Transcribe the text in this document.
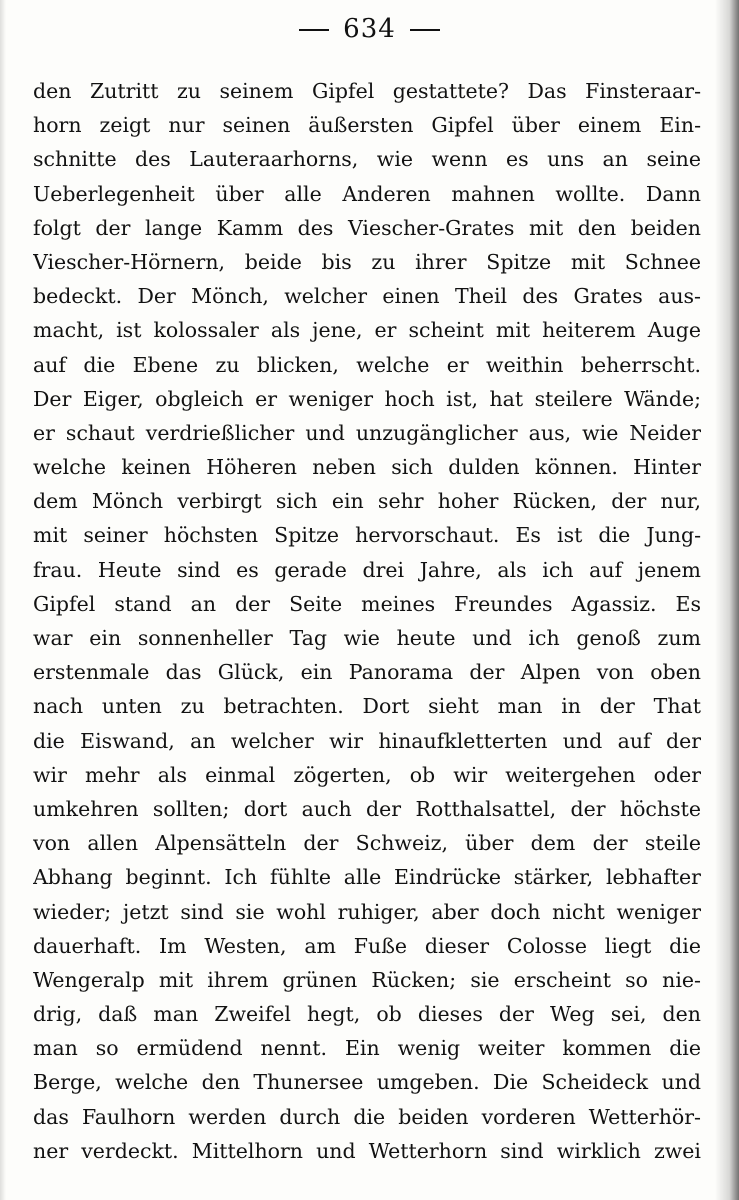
634
den Zutritt zu seinem Gipfel gestattete? Das Finsteraar-
horn zeigt nur seinen äußersten Gipfel über einem Ein-
schnitte des Lauteraarhorns, wie wenn es uns an seine
Ueberlegenheit über alle Anderen mahnen wollte. Dann
folgt der lange Kamm des Viescher-Grates mit den beiden
Viescher-Hörnern, beide bis zu ihrer Spitze mit Schnee
bedeckt. Der Mönch, welcher einen Theil des Grates aus-
macht, ist kolossaler als jene, er scheint mit heiterem Auge
auf die Ebene zu blicken, welche er weithin beherrscht.
Der Eiger, obgleich er weniger hoch ist, hat steilere Wände;
er schaut verdrießlicher und unzugänglicher aus, wie Neider
welche keinen Höheren neben sich dulden können. Hinter
dem Mönch verbirgt sich ein sehr hoher Rücken, der nur,
mit seiner höchsten Spitze hervorschaut. Es ist die Jung-
frau. Heute sind es gerade drei Jahre, als ich auf jenem
Gipfel stand an der Seite meines Freundes Agassiz. Es
war ein sonnenheller Tag wie heute und ich genoß zum
erstenmale das Glück, ein Panorama der Alpen von oben
nach unten zu betrachten. Dort sieht man in der That
die Eiswand, an welcher wir hinaufkletterten und auf der
wir mehr als einmal zögerten, ob wir weitergehen oder
umkehren sollten; dort auch der Rotthalsattel, der höchste
von allen Alpensätteln der Schweiz, über dem der steile
Abhang beginnt. Ich fühlte alle Eindrücke stärker, lebhafter
wieder; jetzt sind sie wohl ruhiger, aber doch nicht weniger
dauerhaft. Im Westen, am Fuße dieser Colosse liegt die
Wengeralp mit ihrem grünen Rücken; sie erscheint so nie-
drig, daß man Zweifel hegt, ob dieses der Weg sei, den
man so ermüdend nennt. Ein wenig weiter kommen die
Berge, welche den Thunersee umgeben. Die Scheideck und
das Faulhorn werden durch die beiden vorderen Wetterhör-
ner verdeckt. Mittelhorn und Wetterhorn sind wirklich zwei
